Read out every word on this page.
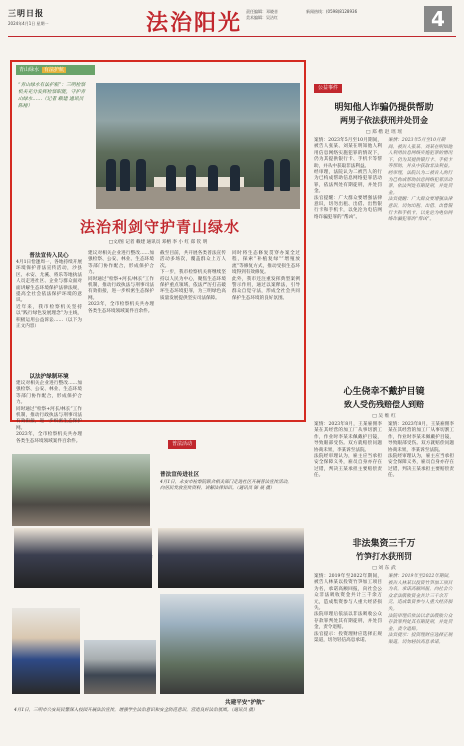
三明日报
2024年4月1日 星期一	法治阳光 责任编辑：邓晓音
美术编辑：吴洁红
新闻热线：(0598)8128936	4
青山绿水 有法护航
“青山绿水有法护航”：三明检察机关充分发挥检察职能，守护青山绿水……（记者 赖建 通讯员 陈榕）
法治利剑守护青山绿水
□文/图 记者 赖建 通讯员 邓榕 李 小 红 郑 钦 明
普法宣传入民心
4月1日恰逢周一，各地持续开展环境保护普法宣传活动，沙县区、永安、尤溪、将乐等地执法人员走进社区、企业与群众面对面讲解生态环境保护法律法规，提高全社会依法保护环境的意识。
近年来，我市检察机关坚持以“践行绿色发展理念”为主线，积极运用公益诉讼……（以下为正文内容）
以法护绿制环境
建议对相关企业进行整改……加强检察、公安、林业、生态环境等部门协作配合，形成保护合力。
同时通过“检察+河长/林长”工作机制，推动行政执法与刑事司法有效衔接，进一步织密生态保护网。
2023年，全市检察机关共办理各类生态环境领域案件百余件。
建议对相关企业进行整改……加强检察、公安、林业、生态环境等部门协作配合，形成保护合力。
同时通过“检察+河长/林长”工作机制，推动行政执法与刑事司法有效衔接，进一步织密生态保护网。
2023年，全市检察机关共办理各类生态环境领域案件百余件。
截至目前，共开展各类普法宣传活动多场次，覆盖群众上万人次。
下一步，我市检察机关将继续坚持以人民为中心，聚焦生态环境保护重点领域，依法严厉打击破坏生态环境犯罪，为三明绿色高质量发展提供坚实司法保障。
同时将生态修复贯穿办案全过程，探索“补植复绿”“增殖放流”等修复方式，推动受损生态环境得到有效修复。
此外，我市还注重发挥典型案例警示作用，通过以案释法，引导群众自觉守法，形成全社会共同保护生态环境的良好氛围。
公益事件
明知他人诈骗仍提供帮助
两男子依法获刑并处罚金
□ 郑 楷 赵 瑶 瑶
案情：2023年5月至10月期间，被告人张某、刘某在明知他人利用信息网络实施犯罪的情况下，仍为其提供银行卡、手机卡等帮助，并从中获取非法利益。
经审理，法院认为二被告人的行为已构成帮助信息网络犯罪活动罪，依法判处有期徒刑，并处罚金。
法官提醒：广大群众要增强法律意识，切勿出租、出借、出售银行卡和手机卡，以免沦为电信网络诈骗犯罪的“帮凶”。
案情：2023年5月至10月期间，被告人张某、刘某在明知他人利用信息网络实施犯罪的情况下，仍为其提供银行卡、手机卡等帮助，并从中获取非法利益。
经审理，法院认为二被告人的行为已构成帮助信息网络犯罪活动罪，依法判处有期徒刑，并处罚金。
法官提醒：广大群众要增强法律意识，切勿出租、出借、出售银行卡和手机卡，以免沦为电信网络诈骗犯罪的“帮凶”。
心生侥幸不戴护目镜
致人受伤残赔偿人到赔
□ 吴 维 红
案情：2023年8月，王某雇佣李某在其经营的加工厂从事切割工作，作业时李某未佩戴护目镜，导致眼部受伤。双方就赔偿问题协商未果，李某诉至法院。
法院经审理认为，雇主应当承担安全保障义务，雇员自身亦存在过错，判决王某承担主要赔偿责任。
案情：2023年8月，王某雇佣李某在其经营的加工厂从事切割工作，作业时李某未佩戴护目镜，导致眼部受伤。双方就赔偿问题协商未果，李某诉至法院。
法院经审理认为，雇主应当承担安全保障义务，雇员自身亦存在过错，判决王某承担主要赔偿责任。
非法集资三千万
竹笋打水获刑罚
□ 刘 东 武
案情：2019年至2022年期间，被告人林某以投资竹笋加工项目为名，承诺高额回报，向社会公众非法吸收资金共计三千余万元，造成集资参与人重大经济损失。
法院审理后依法以非法吸收公众存款罪判处其有期徒刑，并处罚金，责令退赔。
法官提示：投资理财应选择正规渠道，切勿轻信高息承诺。
案情：2019年至2022年期间，被告人林某以投资竹笋加工项目为名，承诺高额回报，向社会公众非法吸收资金共计三千余万元，造成集资参与人重大经济损失。
法院审理后依法以非法吸收公众存款罪判处其有期徒刑，并处罚金，责令退赔。
法官提示：投资理财应选择正规渠道，切勿轻信高息承诺。
普法活动
普法宣传进社区
4月1日，永安市检察院联合相关部门走进社区开展普法宣传活动，向居民发放宣传资料，讲解法律知识。（通讯员 陈 晨 摄）
共建平安“护航”
4月1日，三明市公安局民警深入校园开展法治宣传，增强学生法治意识和安全防范意识，营造良好法治氛围。（通讯员 摄）
